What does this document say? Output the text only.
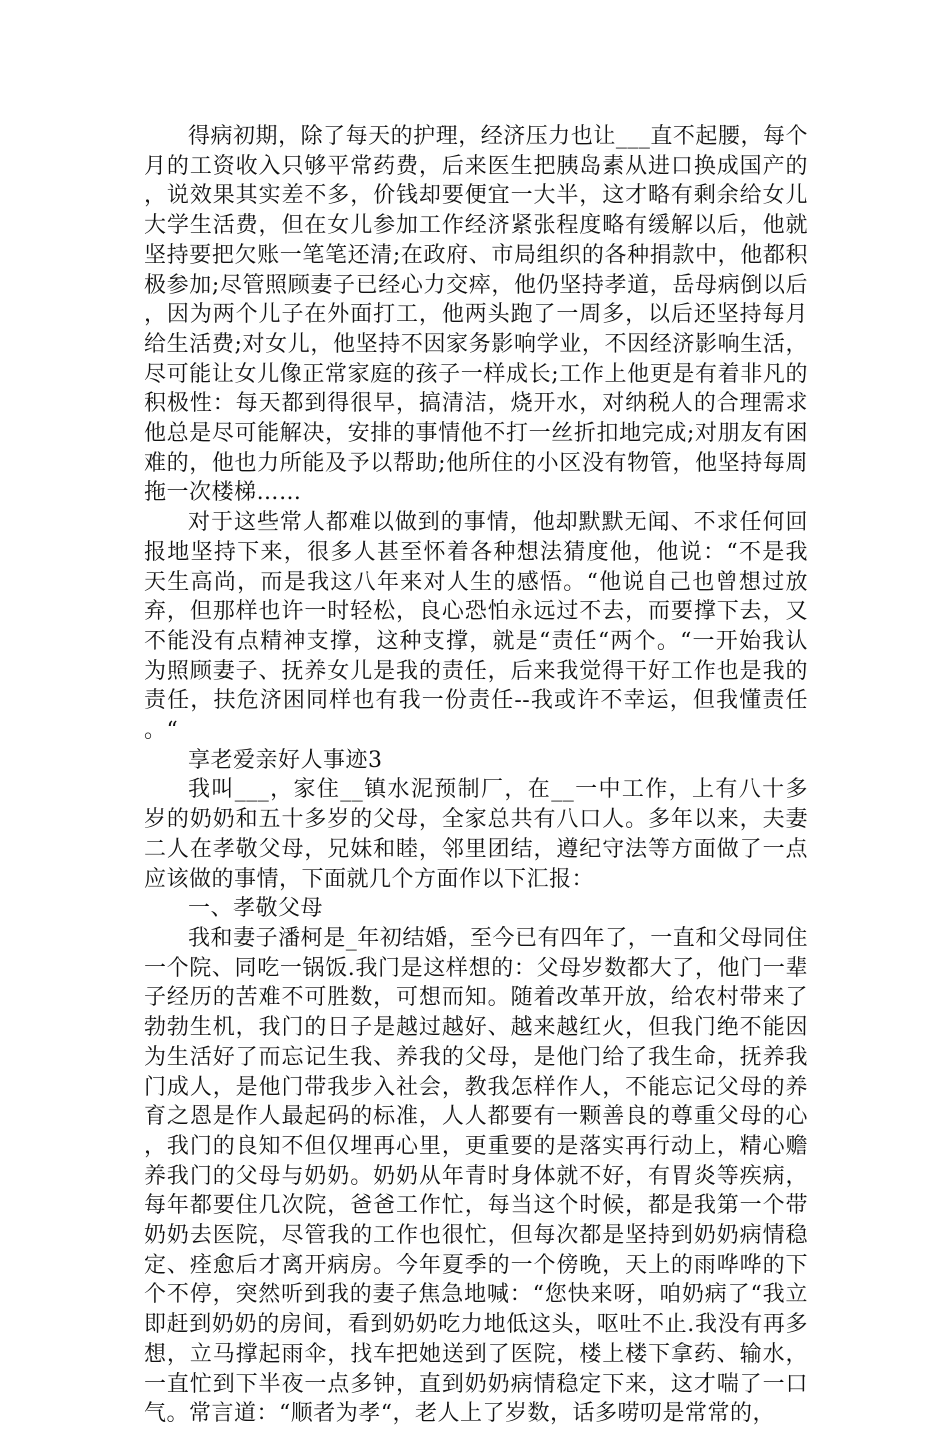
得病初期，除了每天的护理，经济压力也让___直不起腰，每个月的工资收入只够平常药费，后来医生把胰岛素从进口换成国产的，说效果其实差不多，价钱却要便宜一大半，这才略有剩余给女儿大学生活费，但在女儿参加工作经济紧张程度略有缓解以后，他就坚持要把欠账一笔笔还清;在政府、市局组织的各种捐款中，他都积极参加;尽管照顾妻子已经心力交瘁，他仍坚持孝道，岳母病倒以后，因为两个儿子在外面打工，他两头跑了一周多，以后还坚持每月给生活费;对女儿，他坚持不因家务影响学业，不因经济影响生活，尽可能让女儿像正常家庭的孩子一样成长;工作上他更是有着非凡的积极性：每天都到得很早，搞清洁，烧开水，对纳税人的合理需求他总是尽可能解决，安排的事情他不打一丝折扣地完成;对朋友有困难的，他也力所能及予以帮助;他所住的小区没有物管，他坚持每周拖一次楼梯……

对于这些常人都难以做到的事情，他却默默无闻、不求任何回报地坚持下来，很多人甚至怀着各种想法猜度他，他说：“不是我天生高尚，而是我这八年来对人生的感悟。“他说自己也曾想过放弃，但那样也许一时轻松，良心恐怕永远过不去，而要撑下去，又不能没有点精神支撑，这种支撑，就是“责任“两个。“一开始我认为照顾妻子、抚养女儿是我的责任，后来我觉得干好工作也是我的责任，扶危济困同样也有我一份责任--我或许不幸运，但我懂责任。“

享老爱亲好人事迹3

我叫___，家住__镇水泥预制厂，在__一中工作，上有八十多岁的奶奶和五十多岁的父母，全家总共有八口人。多年以来，夫妻二人在孝敬父母，兄妹和睦，邻里团结，遵纪守法等方面做了一点应该做的事情，下面就几个方面作以下汇报：

一、孝敬父母

我和妻子潘柯是_年初结婚，至今已有四年了，一直和父母同住一个院、同吃一锅饭.我门是这样想的：父母岁数都大了，他门一辈子经历的苦难不可胜数，可想而知。随着改革开放，给农村带来了勃勃生机，我门的日子是越过越好、越来越红火，但我门绝不能因为生活好了而忘记生我、养我的父母，是他门给了我生命，抚养我门成人，是他门带我步入社会，教我怎样作人，不能忘记父母的养育之恩是作人最起码的标准，人人都要有一颗善良的尊重父母的心，我门的良知不但仅埋再心里，更重要的是落实再行动上，精心赡养我门的父母与奶奶。奶奶从年青时身体就不好，有胃炎等疾病，每年都要住几次院，爸爸工作忙，每当这个时候，都是我第一个带奶奶去医院，尽管我的工作也很忙，但每次都是坚持到奶奶病情稳定、痊愈后才离开病房。今年夏季的一个傍晚，天上的雨哗哗的下个不停，突然听到我的妻子焦急地喊：“您快来呀，咱奶病了“我立即赶到奶奶的房间，看到奶奶吃力地低这头，呕吐不止.我没有再多想，立马撑起雨伞，找车把她送到了医院，楼上楼下拿药、输水，一直忙到下半夜一点多钟，直到奶奶病情稳定下来，这才喘了一口气。常言道：“顺者为孝“，老人上了岁数，话多唠叨是常常的，
